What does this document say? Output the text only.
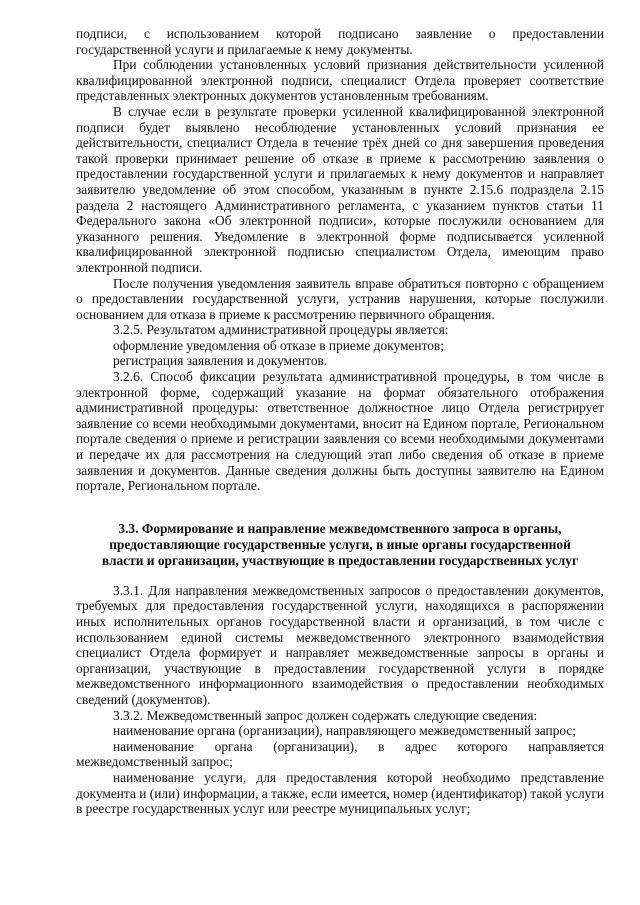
подписи, с использованием которой подписано заявление о предоставлении государственной услуги и прилагаемые к нему документы.

При соблюдении установленных условий признания действительности усиленной квалифицированной электронной подписи, специалист Отдела проверяет соответствие представленных электронных документов установленным требованиям.

В случае если в результате проверки усиленной квалифицированной электронной подписи будет выявлено несоблюдение установленных условий признания ее действительности, специалист Отдела в течение трёх дней со дня завершения проведения такой проверки принимает решение об отказе в приеме к рассмотрению заявления о предоставлении государственной услуги и прилагаемых к нему документов и направляет заявителю уведомление об этом способом, указанным в пункте 2.15.6 подраздела 2.15 раздела 2 настоящего Административного регламента, с указанием пунктов статьи 11 Федерального закона «Об электронной подписи», которые послужили основанием для указанного решения. Уведомление в электронной форме подписывается усиленной квалифицированной электронной подписью специалистом Отдела, имеющим право электронной подписи.

После получения уведомления заявитель вправе обратиться повторно с обращением о предоставлении государственной услуги, устранив нарушения, которые послужили основанием для отказа в приеме к рассмотрению первичного обращения.

3.2.5. Результатом административной процедуры является:

оформление уведомления об отказе в приеме документов;

регистрация заявления и документов.

3.2.6. Способ фиксации результата административной процедуры, в том числе в электронной форме, содержащий указание на формат обязательного отображения административной процедуры: ответственное должностное лицо Отдела регистрирует заявление со всеми необходимыми документами, вносит на Едином портале, Региональном портале сведения о приеме и регистрации заявления со всеми необходимыми документами и передаче их для рассмотрения на следующий этап либо сведения об отказе в приеме заявления и документов. Данные сведения должны быть доступны заявителю на Едином портале, Региональном портале.

3.3. Формирование и направление межведомственного запроса в органы,
предоставляющие государственные услуги, в иные органы государственной
власти и организации, участвующие в предоставлении государственных услуг

3.3.1. Для направления межведомственных запросов о предоставлении документов, требуемых для предоставления государственной услуги, находящихся в распоряжении иных исполнительных органов государственной власти и организаций, в том числе с использованием единой системы межведомственного электронного взаимодействия специалист Отдела формирует и направляет межведомственные запросы в органы и организации, участвующие в предоставлении государственной услуги в порядке межведомственного информационного взаимодействия о предоставлении необходимых сведений (документов).

3.3.2. Межведомственный запрос должен содержать следующие сведения:

наименование органа (организации), направляющего межведомственный запрос;

наименование органа (организации), в адрес которого направляется межведомственный запрос;

наименование услуги, для предоставления которой необходимо представление документа и (или) информации, а также, если имеется, номер (идентификатор) такой услуги в реестре государственных услуг или реестре муниципальных услуг;
